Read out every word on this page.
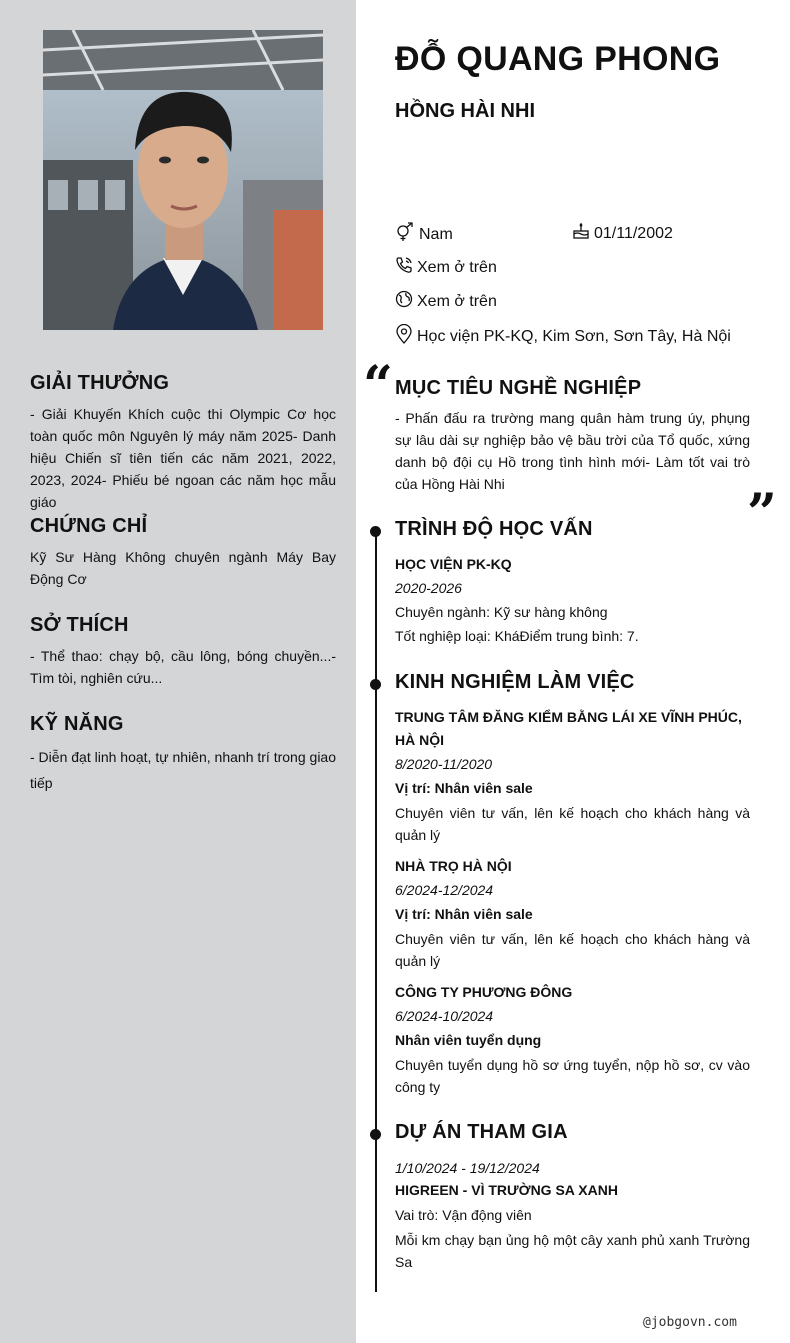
GIẢI THƯỞNG

- Giải Khuyến Khích cuộc thi Olympic Cơ học toàn quốc môn Nguyên lý máy năm 2025- Danh hiệu Chiến sĩ tiên tiến các năm 2021, 2022, 2023, 2024- Phiếu bé ngoan các năm học mẫu giáo

CHỨNG CHỈ

Kỹ Sư Hàng Không chuyên ngành Máy Bay Động Cơ

SỞ THÍCH

- Thể thao: chạy bộ, cầu lông, bóng chuyền...- Tìm tòi, nghiên cứu...

KỸ NĂNG

- Diễn đạt linh hoạt, tự nhiên, nhanh trí trong giao tiếp

ĐỖ QUANG PHONG
HỒNG HÀI NHI
Nam	01/11/2002
Xem ở trên
Xem ở trên
Học viện PK-KQ, Kim Sơn, Sơn Tây, Hà Nội
“ MỤC TIÊU NGHỀ NGHIỆP

- Phấn đấu ra trường mang quân hàm trung úy, phụng sự lâu dài sự nghiệp bảo vệ bầu trời của Tổ quốc, xứng danh bộ đội cụ Hồ trong tình hình mới- Làm tốt vai trò của Hồng Hài Nhi	”
TRÌNH ĐỘ HỌC VẤN
HỌC VIỆN PK-KQ
2020-2026
Chuyên ngành: Kỹ sư hàng không
Tốt nghiệp loại: KháĐiểm trung bình: 7.
KINH NGHIỆM LÀM VIỆC
TRUNG TÂM ĐĂNG KIỂM BẰNG LÁI XE VĨNH PHÚC, HÀ NỘI
8/2020-11/2020
Vị trí: Nhân viên sale

Chuyên viên tư vấn, lên kế hoạch cho khách hàng và quản lý

NHÀ TRỌ HÀ NỘI
6/2024-12/2024
Vị trí: Nhân viên sale

Chuyên viên tư vấn, lên kế hoạch cho khách hàng và quản lý

CÔNG TY PHƯƠNG ĐÔNG
6/2024-10/2024
Nhân viên tuyển dụng

Chuyên tuyển dụng hồ sơ ứng tuyển, nộp hồ sơ, cv vào công ty

DỰ ÁN THAM GIA
1/10/2024 - 19/12/2024
HIGREEN - VÌ TRƯỜNG SA XANH
Vai trò: Vận động viên

Mỗi km chạy bạn ủng hộ một cây xanh phủ xanh Trường Sa

@jobgovn.com
